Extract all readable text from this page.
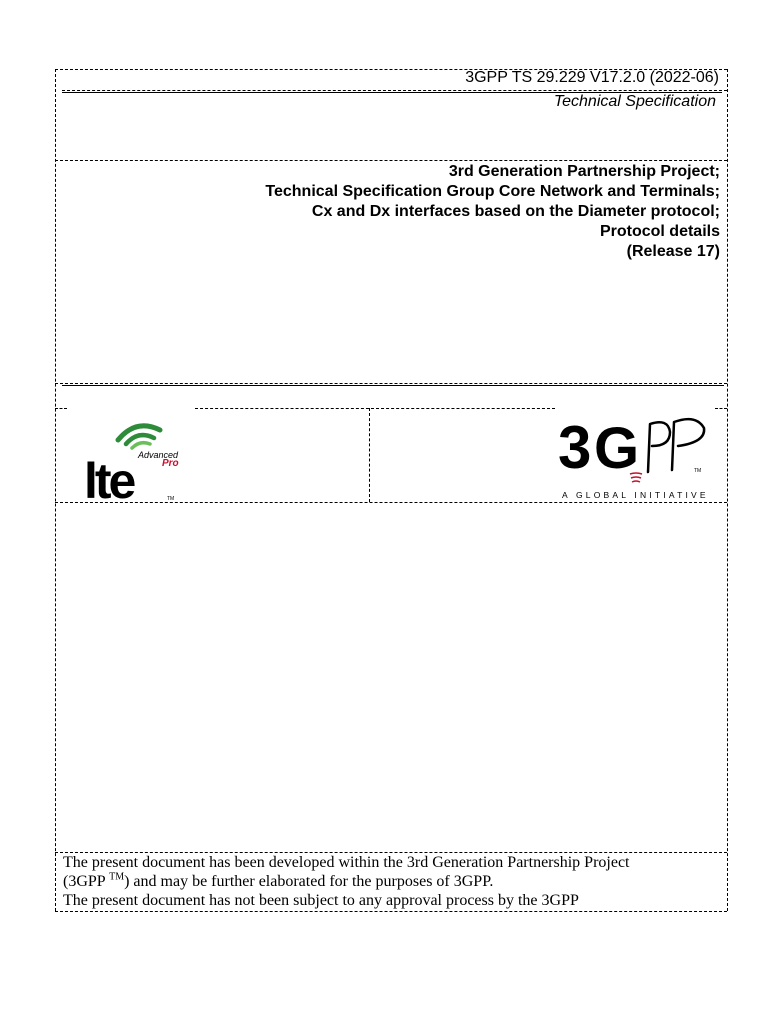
3GPP TS 29.229 V17.2.0 (2022-06)
Technical Specification
3rd Generation Partnership Project;
Technical Specification Group Core Network and Terminals;
Cx and Dx interfaces based on the Diameter protocol;
Protocol details
(Release 17)
Advanced
Pro
lte	TM
3 G	TM
A GLOBAL INITIATIVE
The present document has been developed within the 3rd Generation Partnership Project
(3GPP ™) and may be further elaborated for the purposes of 3GPP.
The present document has not been subject to any approval process by the 3GPP
